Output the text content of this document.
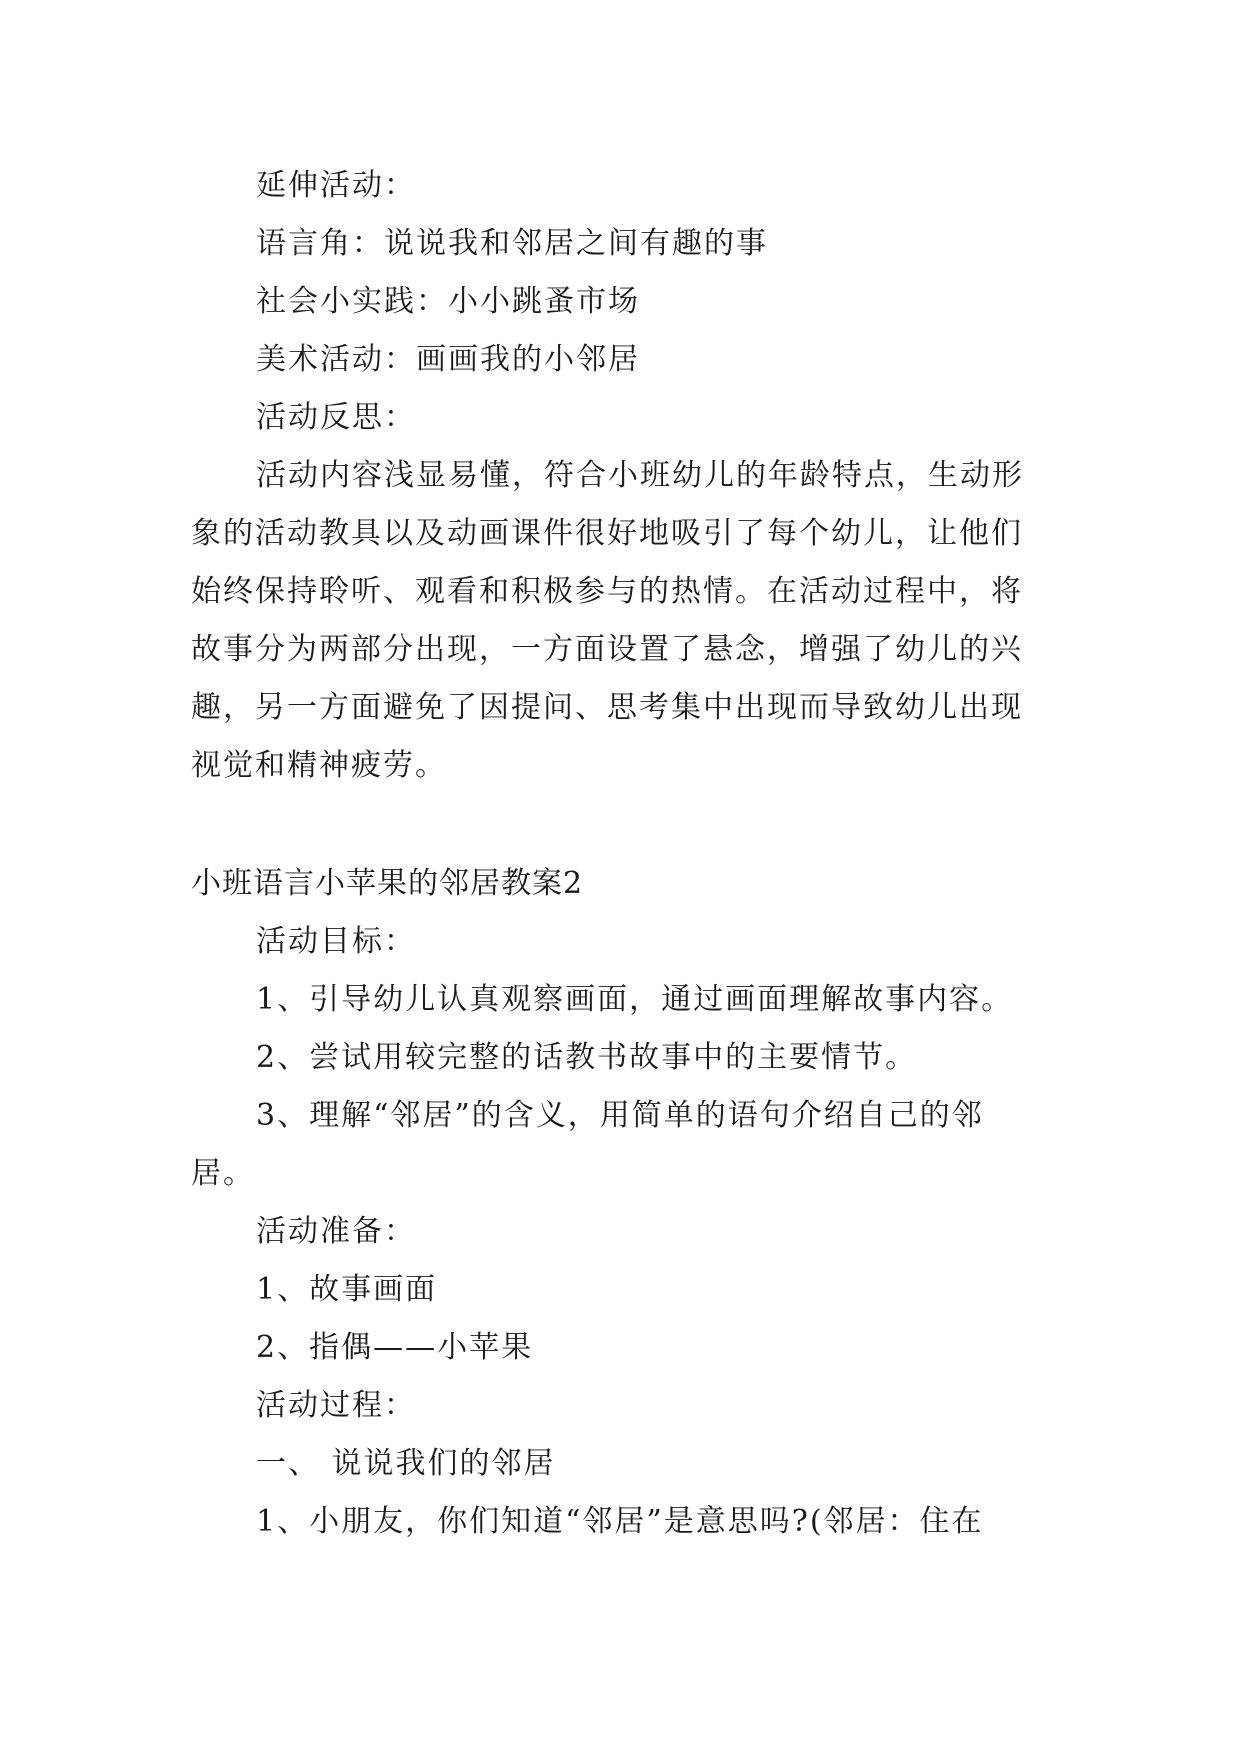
延伸活动：
语言角：说说我和邻居之间有趣的事
社会小实践：小小跳蚤市场
美术活动：画画我的小邻居
活动反思：
活动内容浅显易懂，符合小班幼儿的年龄特点，生动形
象的活动教具以及动画课件很好地吸引了每个幼儿，让他们
始终保持聆听、观看和积极参与的热情。在活动过程中，将
故事分为两部分出现，一方面设置了悬念，增强了幼儿的兴
趣，另一方面避免了因提问、思考集中出现而导致幼儿出现
视觉和精神疲劳。
小班语言小苹果的邻居教案2
活动目标：
1、引导幼儿认真观察画面，通过画面理解故事内容。
2、尝试用较完整的话教书故事中的主要情节。
3、理解“邻居”的含义，用简单的语句介绍自己的邻
居。
活动准备：
1、故事画面
2、指偶——小苹果
活动过程：
一、 说说我们的邻居
1、小朋友，你们知道“邻居”是意思吗?(邻居：住在
